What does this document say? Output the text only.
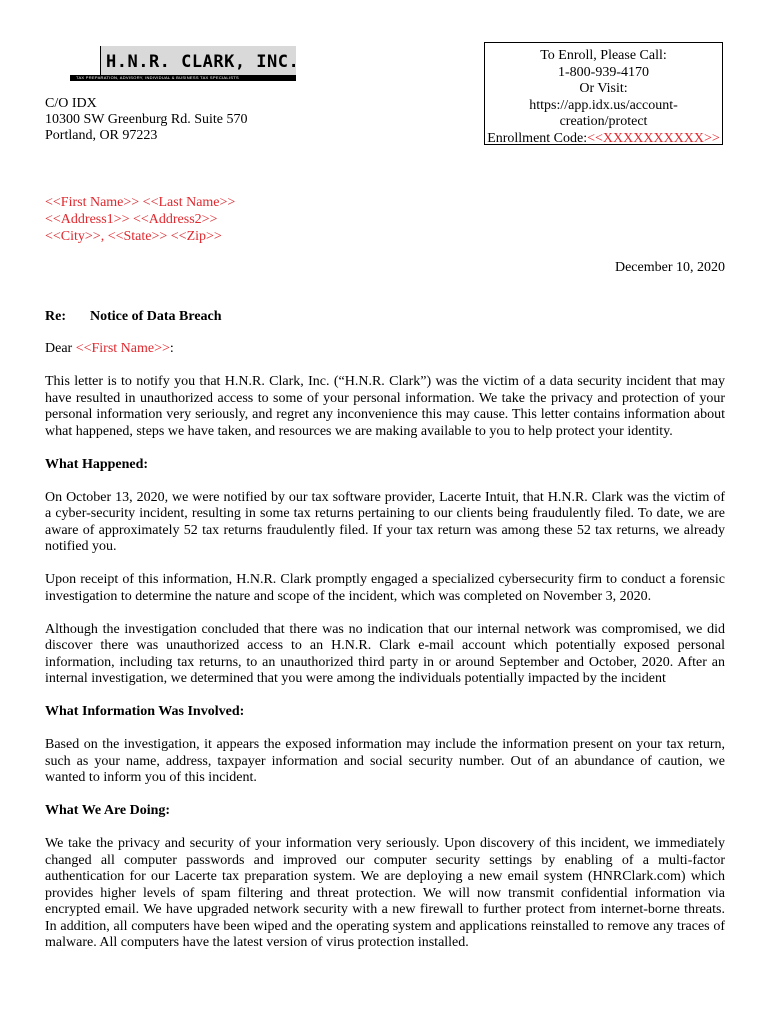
H.N.R. CLARK, INC.
TAX PREPARATION, ADVISORY, INDIVIDUAL & BUSINESS TAX SPECIALISTS
C/O IDX
10300 SW Greenburg Rd. Suite 570
Portland, OR 97223
To Enroll, Please Call:
1-800-939-4170
Or Visit:
https://app.idx.us/account-
creation/protect
Enrollment Code:<<XXXXXXXXXX>>
<<First Name>> <<Last Name>>
<<Address1>> <<Address2>>
<<City>>, <<State>> <<Zip>>
December 10, 2020
Re: Notice of Data Breach

Dear <<First Name>>:

This letter is to notify you that H.N.R. Clark, Inc. (“H.N.R. Clark”) was the victim of a data security incident that may have resulted in unauthorized access to some of your personal information. We take the privacy and protection of your personal information very seriously, and regret any inconvenience this may cause. This letter contains information about what happened, steps we have taken, and resources we are making available to you to help protect your identity.

What Happened:

On October 13, 2020, we were notified by our tax software provider, Lacerte Intuit, that H.N.R. Clark was the victim of a cyber-security incident, resulting in some tax returns pertaining to our clients being fraudulently filed. To date, we are aware of approximately 52 tax returns fraudulently filed. If your tax return was among these 52 tax returns, we already notified you.

Upon receipt of this information, H.N.R. Clark promptly engaged a specialized cybersecurity firm to conduct a forensic investigation to determine the nature and scope of the incident, which was completed on November 3, 2020.

Although the investigation concluded that there was no indication that our internal network was compromised, we did discover there was unauthorized access to an H.N.R. Clark e-mail account which potentially exposed personal information, including tax returns, to an unauthorized third party in or around September and October, 2020. After an internal investigation, we determined that you were among the individuals potentially impacted by the incident

What Information Was Involved:

Based on the investigation, it appears the exposed information may include the information present on your tax return, such as your name, address, taxpayer information and social security number. Out of an abundance of caution, we wanted to inform you of this incident.

What We Are Doing:

We take the privacy and security of your information very seriously. Upon discovery of this incident, we immediately changed all computer passwords and improved our computer security settings by enabling of a multi-factor authentication for our Lacerte tax preparation system. We are deploying a new email system (HNRClark.com) which provides higher levels of spam filtering and threat protection. We will now transmit confidential information via encrypted email. We have upgraded network security with a new firewall to further protect from internet-borne threats. In addition, all computers have been wiped and the operating system and applications reinstalled to remove any traces of malware. All computers have the latest version of virus protection installed.
